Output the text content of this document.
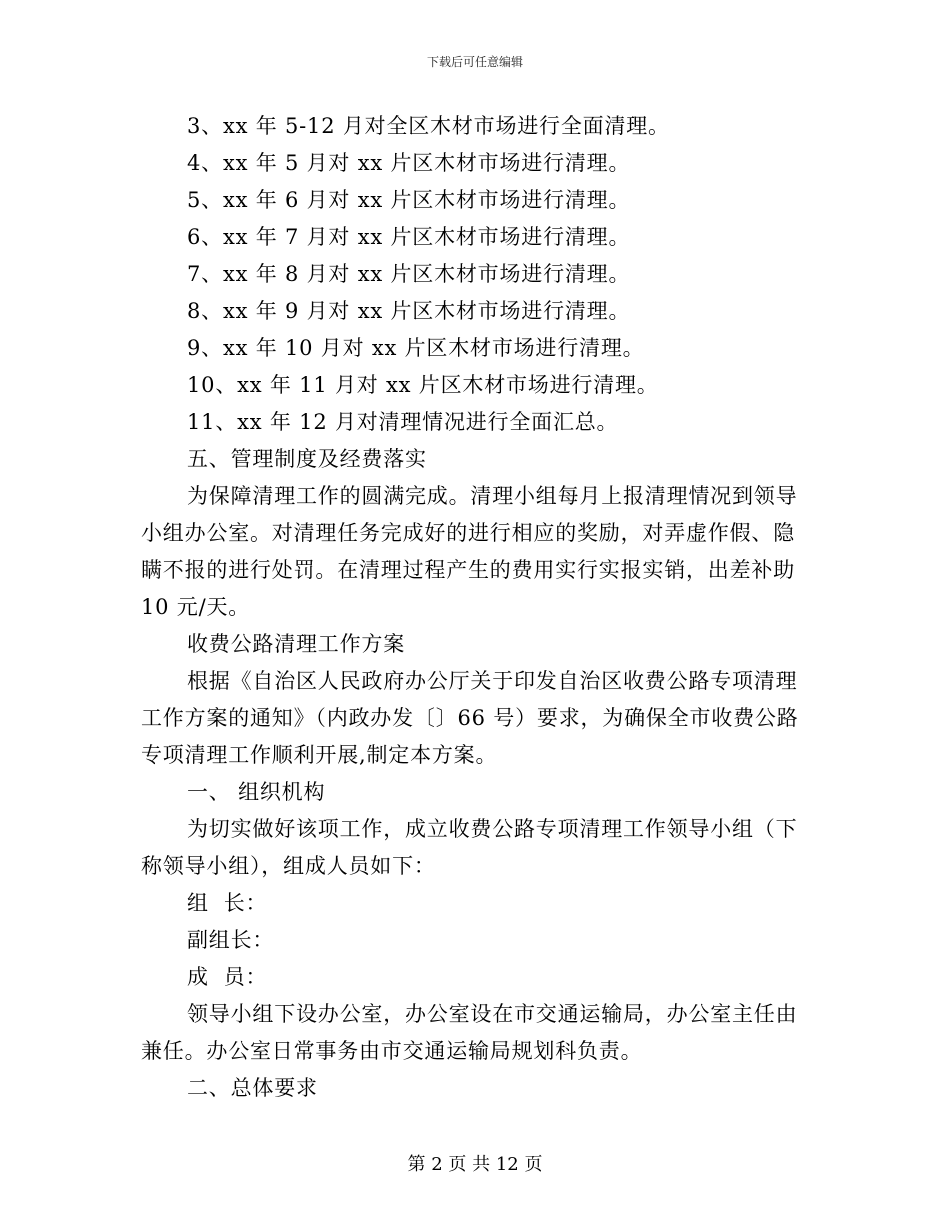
下载后可任意编辑
3、xx 年 5-12 月对全区木材市场进行全面清理。
4、xx 年 5 月对 xx 片区木材市场进行清理。
5、xx 年 6 月对 xx 片区木材市场进行清理。
6、xx 年 7 月对 xx 片区木材市场进行清理。
7、xx 年 8 月对 xx 片区木材市场进行清理。
8、xx 年 9 月对 xx 片区木材市场进行清理。
9、xx 年 10 月对 xx 片区木材市场进行清理。
10、xx 年 11 月对 xx 片区木材市场进行清理。
11、xx 年 12 月对清理情况进行全面汇总。
五、管理制度及经费落实
为保障清理工作的圆满完成。清理小组每月上报清理情况到领导
小组办公室。对清理任务完成好的进行相应的奖励，对弄虚作假、隐
瞒不报的进行处罚。在清理过程产生的费用实行实报实销，出差补助
10 元/天。
收费公路清理工作方案
根据《自治区人民政府办公厅关于印发自治区收费公路专项清理
工作方案的通知》（内政办发〔〕66 号）要求，为确保全市收费公路
专项清理工作顺利开展,制定本方案。
一、 组织机构
为切实做好该项工作，成立收费公路专项清理工作领导小组（下
称领导小组），组成人员如下：
组  长：
副组长：
成  员：
领导小组下设办公室，办公室设在市交通运输局，办公室主任由
兼任。办公室日常事务由市交通运输局规划科负责。
二、总体要求
第 2 页 共 12 页
